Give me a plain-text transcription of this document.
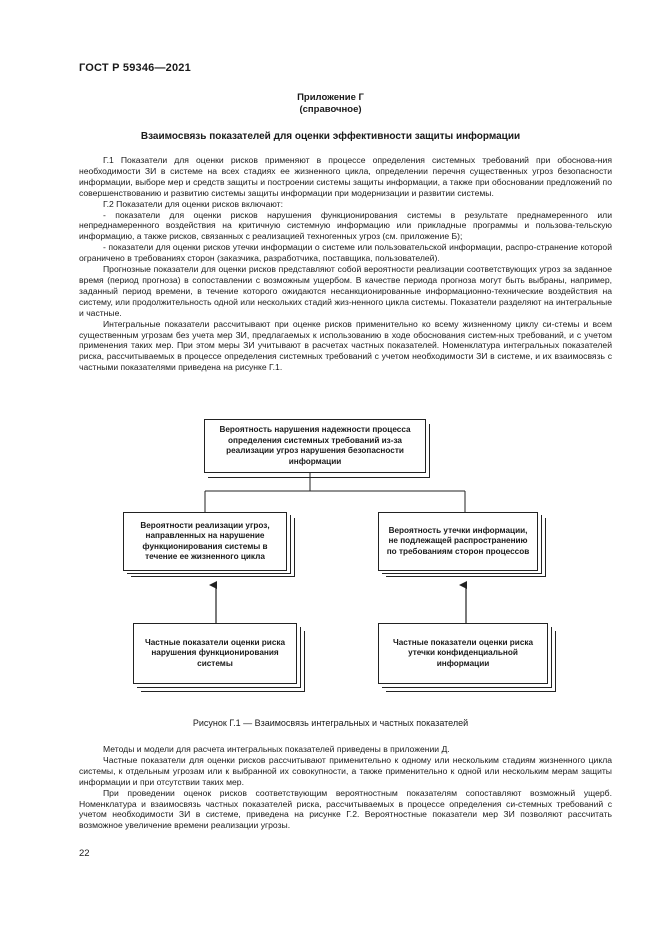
ГОСТ Р 59346—2021
Приложение Г
(справочное)
Взаимосвязь показателей для оценки эффективности защиты информации

Г.1 Показатели для оценки рисков применяют в процессе определения системных требований при обоснова-ния необходимости ЗИ в системе на всех стадиях ее жизненного цикла, определении перечня существенных угроз безопасности информации, выборе мер и средств защиты и построении системы защиты информации, а также при обосновании предложений по совершенствованию и развитию системы защиты информации при модернизации и развитии системы.

Г.2 Показатели для оценки рисков включают:

- показатели для оценки рисков нарушения функционирования системы в результате преднамеренного или непреднамеренного воздействия на критичную системную информацию или прикладные программы и пользова-тельскую информацию, а также рисков, связанных с реализацией техногенных угроз (см. приложение Б);

- показатели для оценки рисков утечки информации о системе или пользовательской информации, распро-странение которой ограничено в требованиях сторон (заказчика, разработчика, поставщика, пользователей).

Прогнозные показатели для оценки рисков представляют собой вероятности реализации соответствующих угроз за заданное время (период прогноза) в сопоставлении с возможным ущербом. В качестве периода прогноза могут быть выбраны, например, заданный период времени, в течение которого ожидаются несанкционированные информационно-технические воздействия на систему, или продолжительность одной или нескольких стадий жиз-ненного цикла системы. Показатели разделяют на интегральные и частные.

Интегральные показатели рассчитывают при оценке рисков применительно ко всему жизненному циклу си-стемы и всем существенным угрозам без учета мер ЗИ, предлагаемых к использованию в ходе обоснования систем-ных требований, и с учетом применения таких мер. При этом меры ЗИ учитывают в расчетах частных показателей. Номенклатура интегральных показателей риска, рассчитываемых в процессе определения системных требований с учетом необходимости ЗИ в системе, и их взаимосвязь с частными показателями приведена на рисунке Г.1.

Вероятность нарушения надежности процесса определения системных требований из-за реализации угроз нарушения безопасности информации
Вероятности реализации угроз, направленных на нарушение функционирования системы в течение ее жизненного цикла
Вероятность утечки информации, не подлежащей распространению по требованиям сторон процессов
Частные показатели оценки риска нарушения функционирования системы
Частные показатели оценки риска утечки конфиденциальной информации
Рисунок Г.1 — Взаимосвязь интегральных и частных показателей

Методы и модели для расчета интегральных показателей приведены в приложении Д.

Частные показатели для оценки рисков рассчитывают применительно к одному или нескольким стадиям жизненного цикла системы, к отдельным угрозам или к выбранной их совокупности, а также применительно к одной или нескольким мерам защиты информации и при отсутствии таких мер.

При проведении оценок рисков соответствующим вероятностным показателям сопоставляют возможный ущерб. Номенклатура и взаимосвязь частных показателей риска, рассчитываемых в процессе определения си-стемных требований с учетом необходимости ЗИ в системе, приведена на рисунке Г.2. Вероятностные показатели мер ЗИ позволяют рассчитать возможное увеличение времени реализации угрозы.

22
